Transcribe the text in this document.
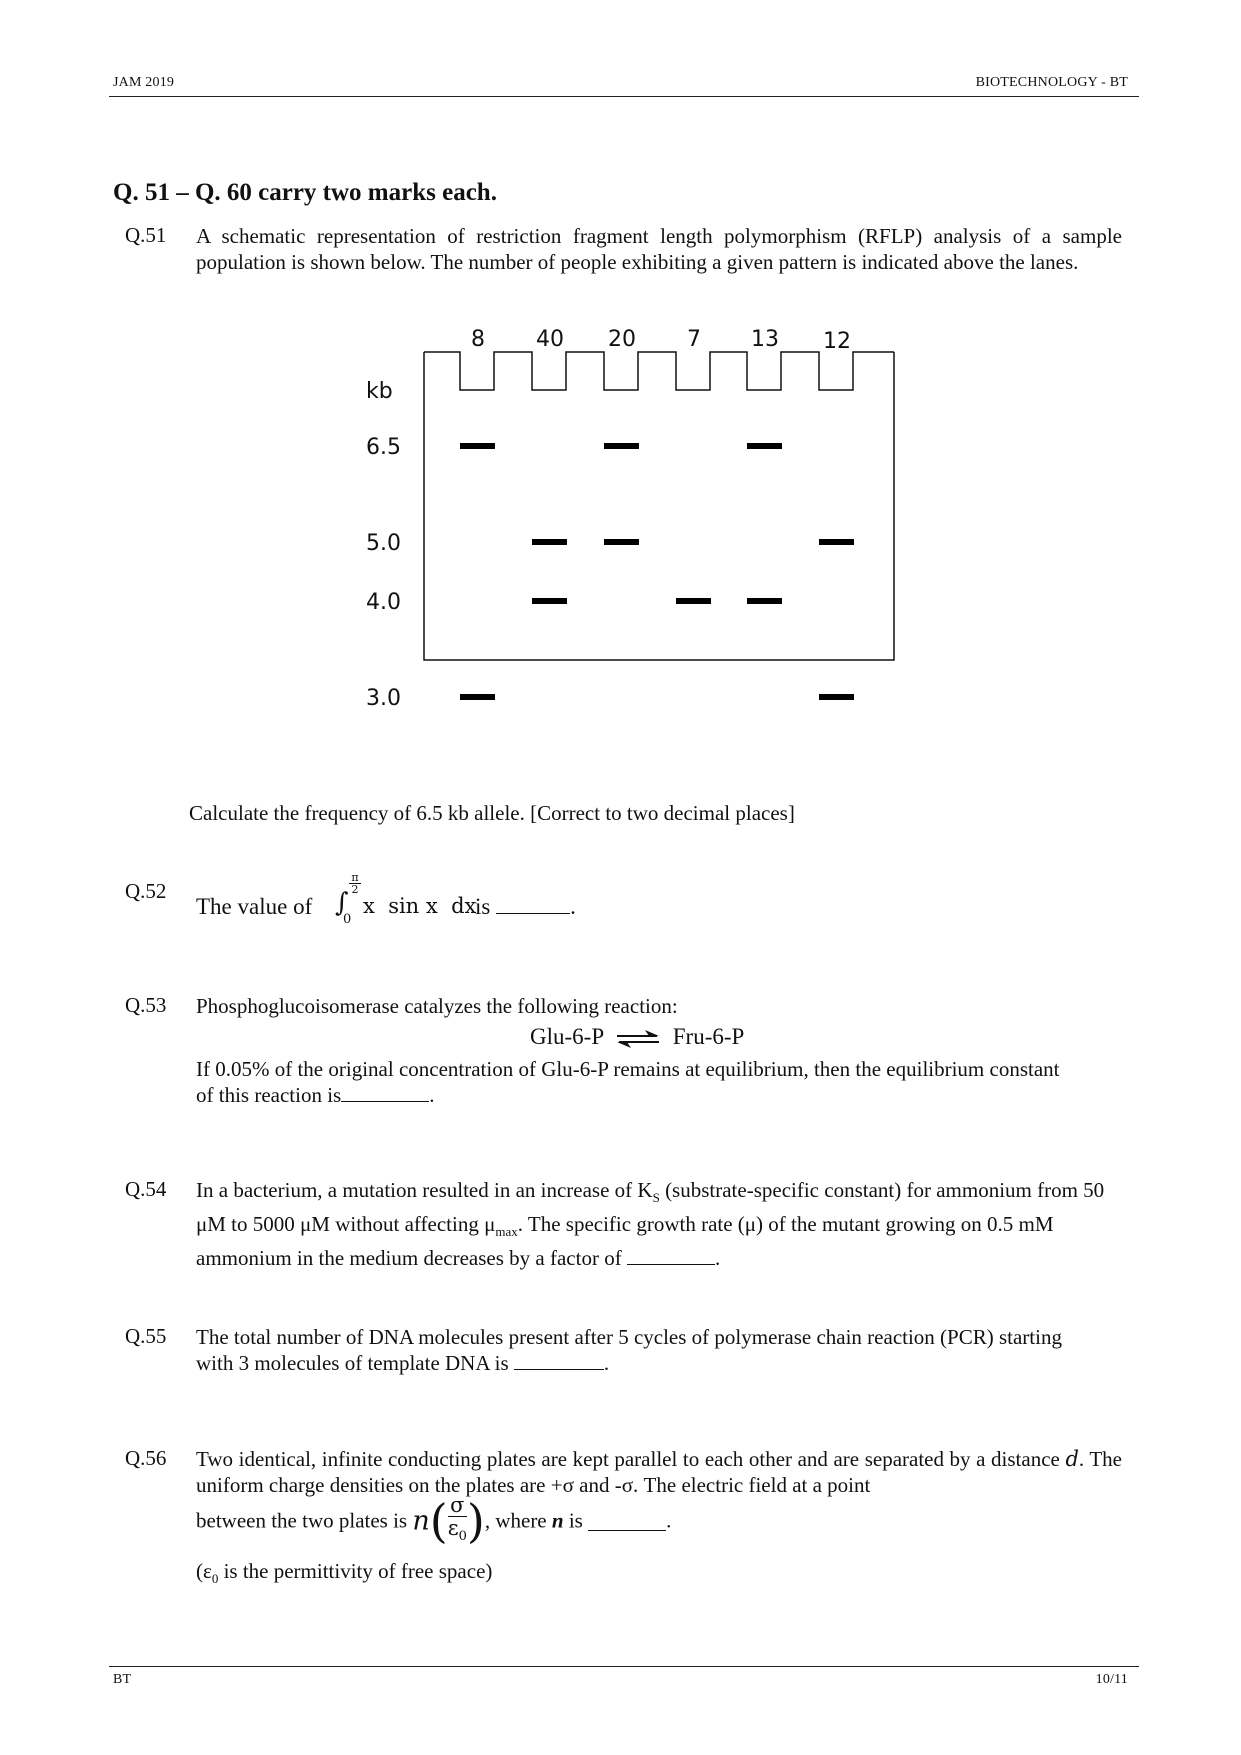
JAM 2019	BIOTECHNOLOGY - BT
Q. 51 – Q. 60 carry two marks each.
Q.51 A schematic representation of restriction fragment length polymorphism (RFLP) analysis of a sample population is shown below. The number of people exhibiting a given pattern is indicated above the lanes.
kb
6.5
5.0
4.0
3.0
8 40 20 7 13 12
Calculate the frequency of 6.5 kb allele. [Correct to two decimal places]
Q.52
The value of ∫
$\frac{\pi}{2}$
0
x  sin x  dx
is	.
Q.53 Phosphoglucoisomerase catalyzes the following reaction:
Glu-6-P ⇌ Fru-6-P
If 0.05% of the original concentration of Glu-6-P remains at equilibrium, then the equilibrium constant of this reaction is	.
Q.54 In a bacterium, a mutation resulted in an increase of $K_S$ (substrate-specific constant) for ammonium from 50 μM to 5000 μM without affecting $\mu_{max}$. The specific growth rate (μ) of the mutant growing on 0.5 mM ammonium in the medium decreases by a factor of	.
Q.55 The total number of DNA molecules present after 5 cycles of polymerase chain reaction (PCR) starting with 3 molecules of template DNA is	.
Q.56 Two identical, infinite conducting plates are kept parallel to each other and are separated by a distance d. The uniform charge densities on the plates are +σ and -σ. The electric field at a point
between the two plates is $n( \frac{\sigma}{\varepsilon_0}$ ), where n is	.
($\varepsilon_0$ is the permittivity of free space)
BT	10/11
